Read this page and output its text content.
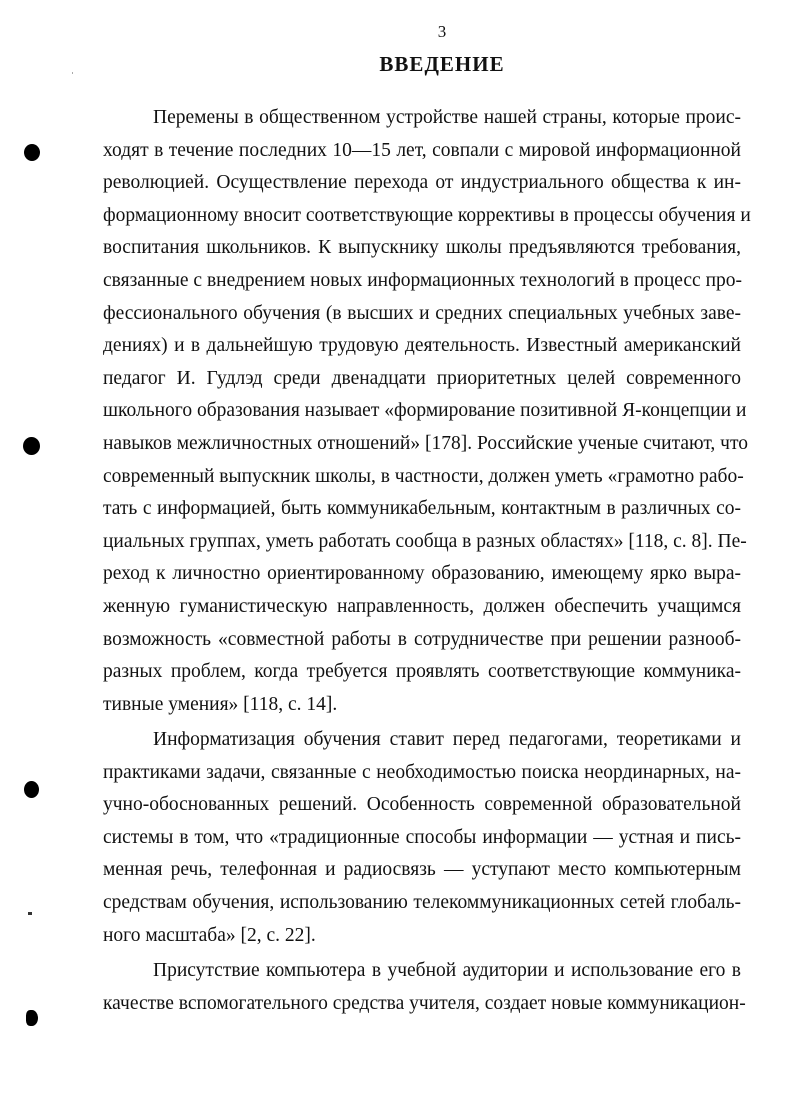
3
ВВЕДЕНИЕ
Перемены в общественном устройстве нашей страны, которые проис-
ходят в течение последних 10—15 лет, совпали с мировой информационной
революцией. Осуществление перехода от индустриального общества к ин-
формационному вносит соответствующие коррективы в процессы обучения и
воспитания школьников. К выпускнику школы предъявляются требования,
связанные с внедрением новых информационных технологий в процесс про-
фессионального обучения (в высших и средних специальных учебных заве-
дениях) и в дальнейшую трудовую деятельность. Известный американский
педагог И. Гудлэд среди двенадцати приоритетных целей современного
школьного образования называет «формирование позитивной Я-концепции и
навыков межличностных отношений» [178]. Российские ученые считают, что
современный выпускник школы, в частности, должен уметь «грамотно рабо-
тать с информацией, быть коммуникабельным, контактным в различных со-
циальных группах, уметь работать сообща в разных областях» [118, с. 8]. Пе-
реход к личностно ориентированному образованию, имеющему ярко выра-
женную гуманистическую направленность, должен обеспечить учащимся
возможность «совместной работы в сотрудничестве при решении разнооб-
разных проблем, когда требуется проявлять соответствующие коммуника-
тивные умения» [118, с. 14].
Информатизация обучения ставит перед педагогами, теоретиками и
практиками задачи, связанные с необходимостью поиска неординарных, на-
учно-обоснованных решений. Особенность современной образовательной
системы в том, что «традиционные способы информации — устная и пись-
менная речь, телефонная и радиосвязь — уступают место компьютерным
средствам обучения, использованию телекоммуникационных сетей глобаль-
ного масштаба» [2, с. 22].
Присутствие компьютера в учебной аудитории и использование его в
качестве вспомогательного средства учителя, создает новые коммуникацион-
